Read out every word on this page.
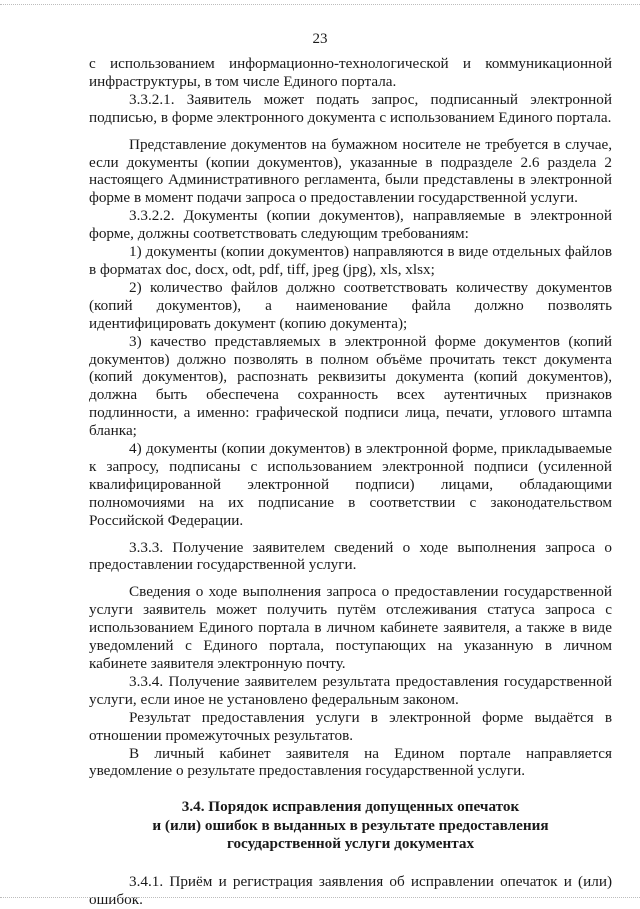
23

с использованием информационно-технологической и коммуникационной инфраструктуры, в том числе Единого портала.

3.3.2.1. Заявитель может подать запрос, подписанный электронной подписью, в форме электронного документа с использованием Единого портала.

Представление документов на бумажном носителе не требуется в случае, если документы (копии документов), указанные в подразделе 2.6 раздела 2 настоящего Административного регламента, были представлены в электронной форме в момент подачи запроса о предоставлении государственной услуги.

3.3.2.2. Документы (копии документов), направляемые в электронной форме, должны соответствовать следующим требованиям:

1) документы (копии документов) направляются в виде отдельных файлов в форматах doc, docx, odt, pdf, tiff, jpeg (jpg), xls, xlsx;

2) количество файлов должно соответствовать количеству документов (копий документов), а наименование файла должно позволять идентифицировать документ (копию документа);

3) качество представляемых в электронной форме документов (копий документов) должно позволять в полном объёме прочитать текст документа (копий документов), распознать реквизиты документа (копий документов), должна быть обеспечена сохранность всех аутентичных признаков подлинности, а именно: графической подписи лица, печати, углового штампа бланка;

4) документы (копии документов) в электронной форме, прикладываемые к запросу, подписаны с использованием электронной подписи (усиленной квалифицированной электронной подписи) лицами, обладающими полномочиями на их подписание в соответствии с законодательством Российской Федерации.

3.3.3. Получение заявителем сведений о ходе выполнения запроса о предоставлении государственной услуги.

Сведения о ходе выполнения запроса о предоставлении государственной услуги заявитель может получить путём отслеживания статуса запроса с использованием Единого портала в личном кабинете заявителя, а также в виде уведомлений с Единого портала, поступающих на указанную в личном кабинете заявителя электронную почту.

3.3.4. Получение заявителем результата предоставления государственной услуги, если иное не установлено федеральным законом.

Результат предоставления услуги в электронной форме выдаётся в отношении промежуточных результатов.

В личный кабинет заявителя на Едином портале направляется уведомление о результате предоставления государственной услуги.

3.4. Порядок исправления допущенных опечаток
и (или) ошибок в выданных в результате предоставления
государственной услуги документах

3.4.1. Приём и регистрация заявления об исправлении опечаток и (или) ошибок.
